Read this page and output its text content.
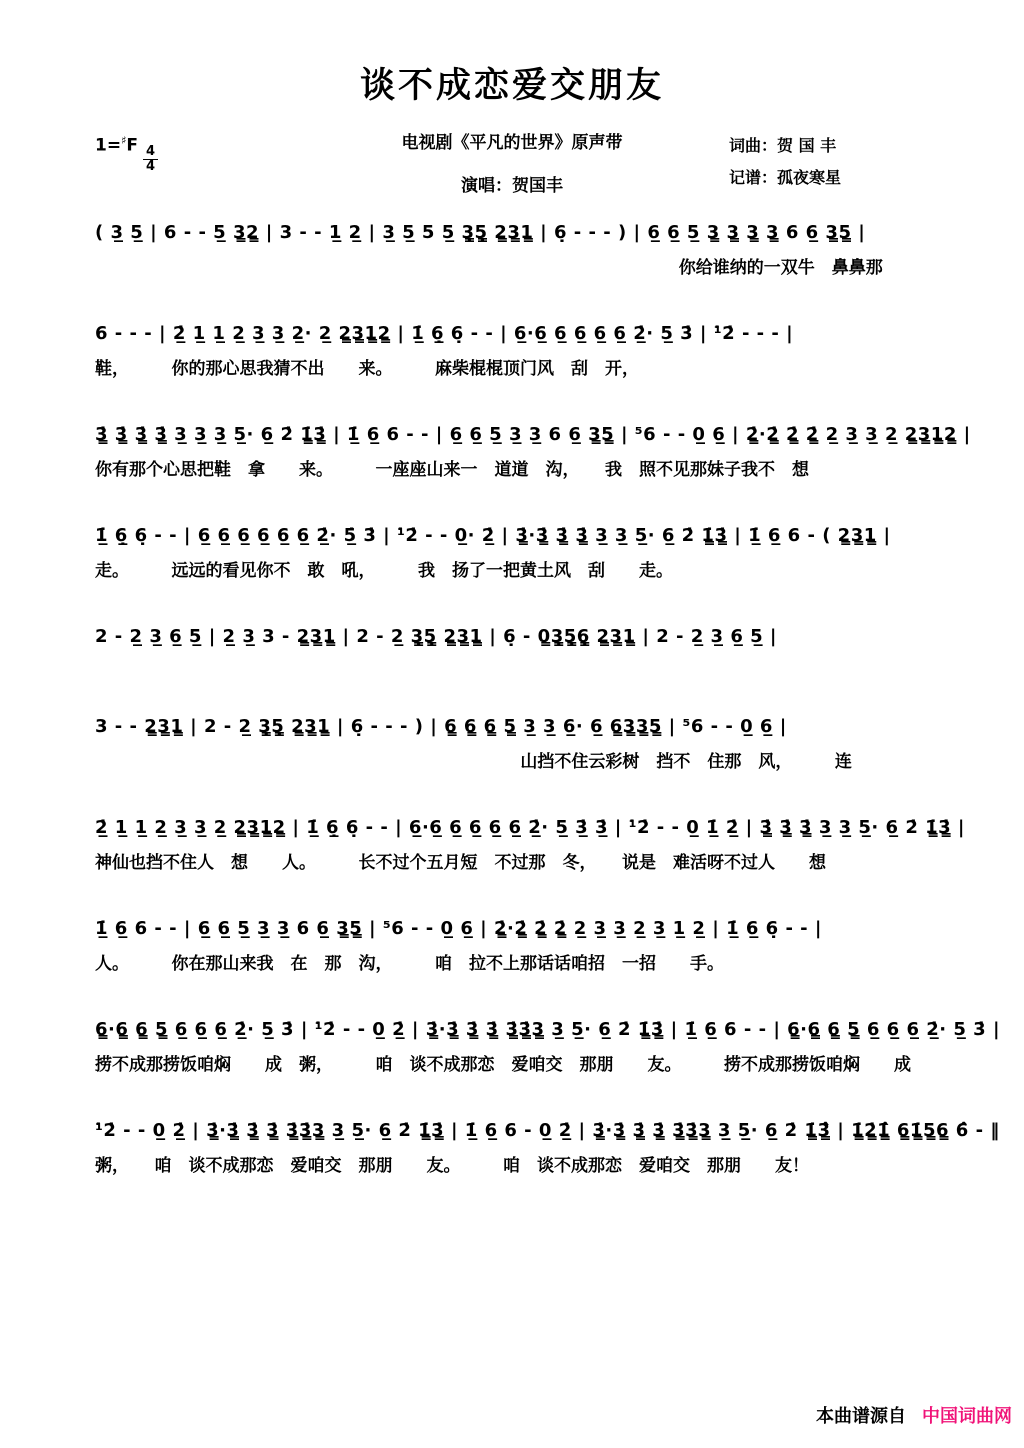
谈不成恋爱交朋友
$1=^♯F \frac{4}{4}$
电视剧《平凡的世界》原声带
演唱：贺国丰
词曲：贺 国 丰
记谱：孤夜寒星
( 3̲ 5̲ | 6 - - 5̲ 3̳2̳ | 3 - - 1̲ 2̲ | 3̲ 5̲ 5 5̲ 3̣̳5̣̳ 2̳3̳1̳ | 6̣ - - - ) | 6̲ 6̲ 5̲ 3̳ 3̳ 3̳ 3̳ 6 6̲ 3̳5̳ |
你给谁纳的一双牛　鼻鼻那
6 - - - | 2̲̇ 1̲ 1̲ 2̲ 3̲ 3̲ 2̲· 2̲ 2̳3̳1̳2̳ | 1̲̇ 6̣̲ 6̣ - - | 6̲·6̲ 6̲ 6̲ 6̲ 6̲ 2̲̇· 5̲ 3̇ | ¹̇2̇ - - - |
鞋，　　　你的那心思我猜不出　　来。　　　麻柴棍棍顶门风　刮　开，
3̳̇ 3̳̇ 3̳̇ 3̳̇ 3̲ 3̲ 3̲ 5̲· 6̲ 2̇ 1̳̇3̳̇ | 1̲̇ 6̲ 6 - - | 6̲ 6̲ 5̲ 3̲ 3̲ 6 6̲ 3̳5̳ | ⁵6 - - 0̲ 6̲ | 2̳̇·2̳̇ 2̳̇ 2̳̇ 2̲ 3̲ 3̲ 2̲ 2̳3̳1̳2̳ |
你有那个心思把鞋　拿　　来。　　　一座座山来一　道道　沟，　　我　照不见那妹子我不　想
1̲̇ 6̣̲ 6̣ - - | 6̲ 6̲ 6̲ 6̲ 6̲ 6̲ 2̲̇· 5̲̇ 3̇ | ¹̇2̇ - - 0̲· 2̲̇ | 3̳̇·3̳̇ 3̳̇ 3̳̇ 3̲ 3̲ 5̲· 6̲ 2̇ 1̳̇3̳̇ | 1̲̇ 6̲ 6 - ( 2̳3̳1̳ |
走。　　　远远的看见你不　敢　吼，　　　我　扬了一把黄土风　刮　　走。
2 - 2̲ 3̲ 6̲ 5̲ | 2̲ 3̲ 3 - 2̳3̳1̳ | 2 - 2̲ 3̣̳5̣̳ 2̳3̳1̳ | 6̣ - 0̳3̣̳5̣̳6̣̳ 2̳3̳1̳ | 2 - 2̲ 3̲ 6̲ 5̲ |
3 - - 2̳3̳1̳ | 2 - 2̲ 3̣̳5̣̳ 2̳3̳1̳ | 6̣ - - - ) | 6̳ 6̳ 6̳ 5̳ 3̲ 3̲ 6̲· 6̲ 6̳3̳3̳5̳ | ⁵6 - - 0̲ 6̲ |
山挡不住云彩树　挡不　住那　风，　　　连
2̲̇ 1̲ 1̲ 2̲ 3̲ 3̲ 2̲ 2̳3̳1̳2̳ | 1̲̇ 6̣̲ 6̣ - - | 6̲·6̲ 6̲ 6̲ 6̲ 6̲ 2̲̇· 5̲ 3̲̇ 3̲̇ | ¹̇2̇ - - 0̲ 1̲̇ 2̲̇ | 3̳̇ 3̳̇ 3̳̇ 3̲ 3̲ 5̲· 6̲ 2̇ 1̳̇3̳̇ |
神仙也挡不住人　想　　人。　　　长不过个五月短　不过那　冬，　　说是　难活呀不过人　　想
1̲̇ 6̲ 6 - - | 6̲ 6̲ 5̲ 3̲ 3̲ 6 6̲ 3̳5̳ | ⁵6 - - 0̲ 6̲ | 2̳̇·2̳̇ 2̳̇ 2̳̇ 2̲ 3̲ 3̲ 2̲ 3̲ 1̲ 2̲ | 1̲̇ 6̲ 6̣ - - |
人。　　　你在那山来我　在　那　沟，　　　咱　拉不上那话话咱招　一招　　手。
6̳·6̳ 6̳ 5̳ 6̲ 6̲ 6̲ 2̲̇· 5̲ 3̇ | ¹̇2̇ - - 0̲ 2̲̇ | 3̳̇·3̳̇ 3̳̇ 3̳̇ 3̳̇3̳̇3̳ 3̲ 5̲· 6̲ 2̇ 1̳̇3̳̇ | 1̲̇ 6̲ 6 - - | 6̳·6̳ 6̳ 5̳ 6̲ 6̲ 6̲ 2̲̇· 5̲ 3̇ |
捞不成那捞饭咱焖　　成　粥，　　　咱　谈不成那恋　爱咱交　那朋　　友。　　　捞不成那捞饭咱焖　　成
¹̇2̇ - - 0̲ 2̲̇ | 3̳̇·3̳̇ 3̳̇ 3̳̇ 3̳̇3̳̇3̳ 3̲ 5̲· 6̲ 2̇ 1̳̇3̳̇ | 1̲̇ 6̲ 6 - 0̲ 2̲̇ | 3̳̇·3̳̇ 3̳̇ 3̳̇ 3̳̇3̳̇3̳ 3̲ 5̲· 6̲ 2̇ 1̳̇3̳̇̂ | 1̳̇2̳̇1̳̇̂ 6̳1̳̇5̳6̳ 6̂ - ‖
粥，　　咱　谈不成那恋　爱咱交　那朋　　友。　　　咱　谈不成那恋　爱咱交　那朋　　友！
本曲谱源自 中国词曲网
